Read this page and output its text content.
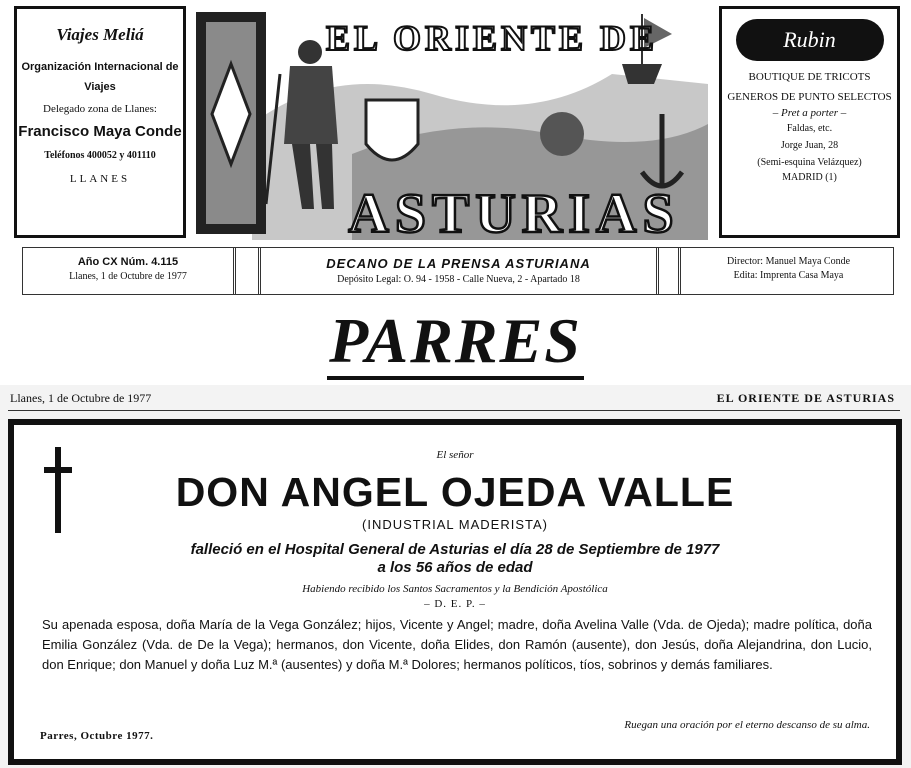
Viajes Meliá
Organización Internacional de Viajes
Delegado zona de Llanes:
Francisco Maya Conde
Teléfonos 400052 y 401110
LLANES
EL ORIENTE DE
ASTURIAS
Rubin
BOUTIQUE DE TRICOTS
GENEROS DE PUNTO SELECTOS
– Pret a porter –
Faldas, etc.
Jorge Juan, 28
(Semi-esquina Velázquez)
MADRID (1)
Año CX Núm. 4.115
Llanes, 1 de Octubre de 1977
DECANO DE LA PRENSA ASTURIANA
Depósito Legal: O. 94 - 1958 - Calle Nueva, 2 - Apartado 18
Director: Manuel Maya Conde
Edita: Imprenta Casa Maya
PARRES
Llanes, 1 de Octubre de 1977	EL ORIENTE DE ASTURIAS
El señor
DON ANGEL OJEDA VALLE
(INDUSTRIAL MADERISTA)
falleció en el Hospital General de Asturias el día 28 de Septiembre de 1977
a los 56 años de edad
Habiendo recibido los Santos Sacramentos y la Bendición Apostólica
– D. E. P. –
Su apenada esposa, doña María de la Vega González; hijos, Vicente y Angel; madre, doña Avelina Valle (Vda. de Ojeda); madre política, doña Emilia González (Vda. de De la Vega); hermanos, don Vicente, doña Elides, don Ramón (ausente), don Jesús, doña Alejandrina, don Lucio, don Enrique; don Manuel y doña Luz M.ª (ausentes) y doña M.ª Dolores; hermanos políticos, tíos, sobrinos y demás familiares.
Ruegan una oración por el eterno descanso de su alma.
Parres, Octubre 1977.
